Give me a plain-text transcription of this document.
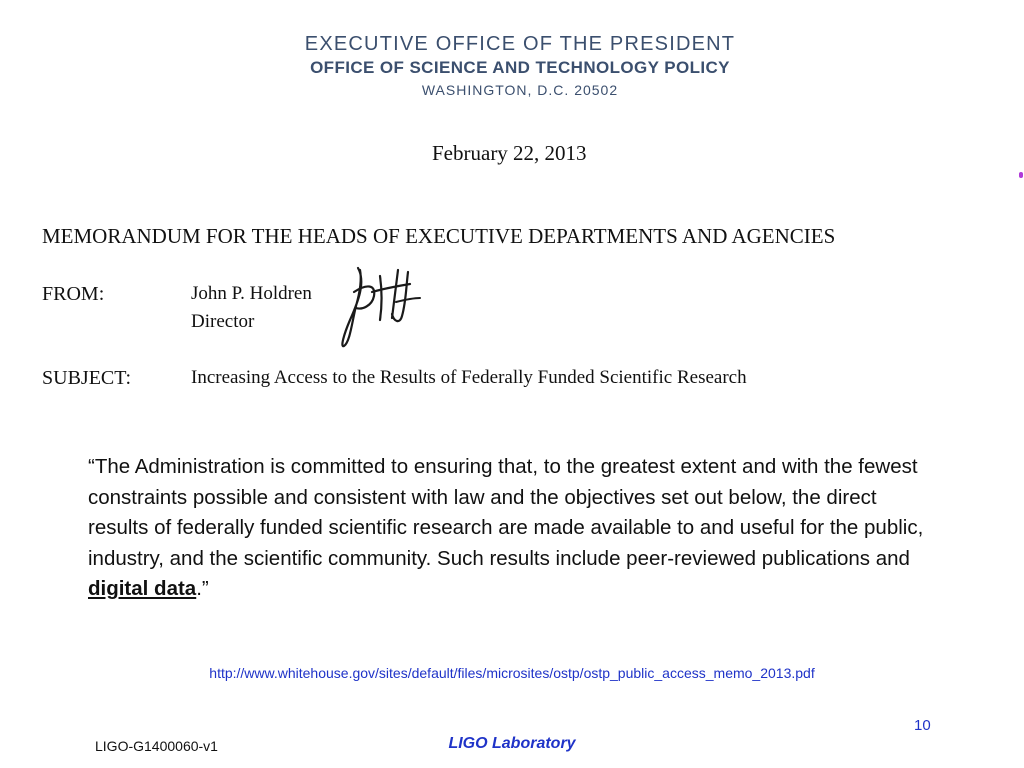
EXECUTIVE OFFICE OF THE PRESIDENT
OFFICE OF SCIENCE AND TECHNOLOGY POLICY
WASHINGTON, D.C. 20502
February 22, 2013
MEMORANDUM FOR THE HEADS OF EXECUTIVE DEPARTMENTS AND AGENCIES
FROM:	John P. Holdren
Director
SUBJECT:	Increasing Access to the Results of Federally Funded Scientific Research
“The Administration is committed to ensuring that, to the greatest extent and with the fewest constraints possible and consistent with law and the objectives set out below, the direct results of federally funded scientific research are made available to and useful for the public, industry, and the scientific community. Such results include peer-reviewed publications and digital data.”
http://www.whitehouse.gov/sites/default/files/microsites/ostp/ostp_public_access_memo_2013.pdf
10
LIGO-G1400060-v1	LIGO Laboratory
